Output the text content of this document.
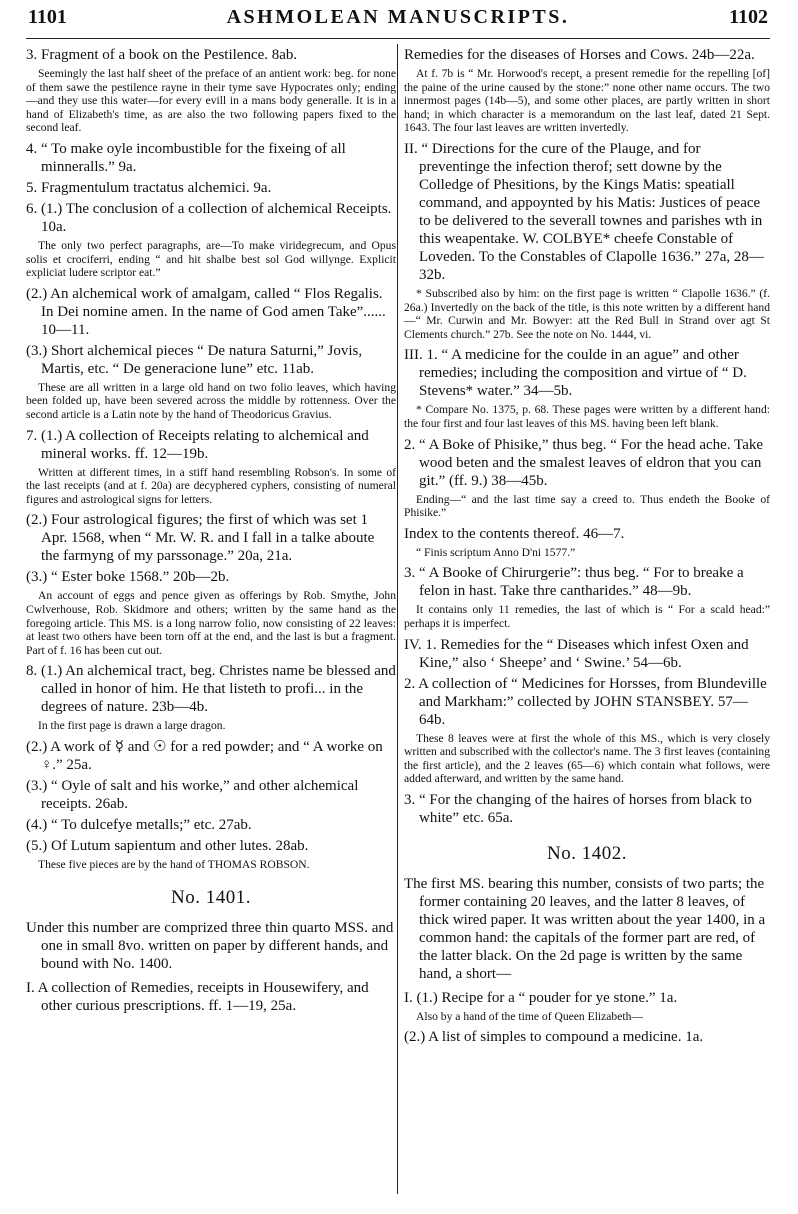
1101	ASHMOLEAN MANUSCRIPTS.	1102

3. Fragment of a book on the Pestilence. 8ab.

Seemingly the last half sheet of the preface of an antient work: beg. for none of them sawe the pestilence rayne in their tyme save Hypocrates only; ending—and they use this water—for every evill in a mans body generalle. It is in a hand of Elizabeth's time, as are also the two following papers fixed to the second leaf.

4. “ To make oyle incombustible for the fixeing of all minneralls.” 9a.

5. Fragmentulum tractatus alchemici. 9a.

6. (1.) The conclusion of a collection of alchemical Receipts. 10a.

The only two perfect paragraphs, are—To make viridegrecum, and Opus solis et crociferri, ending “ and hit shalbe best sol God willynge. Explicit expliciat ludere scriptor eat.”

(2.) An alchemical work of amalgam, called “ Flos Regalis. In Dei nomine amen. In the name of God amen Take”...... 10—11.

(3.) Short alchemical pieces “ De natura Saturni,” Jovis, Martis, etc. “ De generacione lune” etc. 11ab.

These are all written in a large old hand on two folio leaves, which having been folded up, have been severed across the middle by rottenness. Over the second article is a Latin note by the hand of Theodoricus Gravius.

7. (1.) A collection of Receipts relating to alchemical and mineral works. ff. 12—19b.

Written at different times, in a stiff hand resembling Robson's. In some of the last receipts (and at f. 20a) are decyphered cyphers, consisting of numeral figures and astrological signs for letters.

(2.) Four astrological figures; the first of which was set 1 Apr. 1568, when “ Mr. W. R. and I fall in a talke aboute the farmyng of my parssonage.” 20a, 21a.

(3.) “ Ester boke 1568.” 20b—2b.

An account of eggs and pence given as offerings by Rob. Smythe, John Cwlverhouse, Rob. Skidmore and others; written by the same hand as the foregoing article. This MS. is a long narrow folio, now consisting of 22 leaves: at least two others have been torn off at the end, and the last is but a fragment. Part of f. 16 has been cut out.

8. (1.) An alchemical tract, beg. Christes name be blessed and called in honor of him. He that listeth to profi... in the degrees of nature. 23b—4b.

In the first page is drawn a large dragon.

(2.) A work of ☿ and ☉ for a red powder; and “ A worke on ♀.” 25a.

(3.) “ Oyle of salt and his worke,” and other alchemical receipts. 26ab.

(4.) “ To dulcefye metalls;” etc. 27ab.

(5.) Of Lutum sapientum and other lutes. 28ab.

These five pieces are by the hand of THOMAS ROBSON.

No. 1401.

Under this number are comprized three thin quarto MSS. and one in small 8vo. written on paper by different hands, and bound with No. 1400.

I. A collection of Remedies, receipts in Housewifery, and other curious prescriptions. ff. 1—19, 25a.

Remedies for the diseases of Horses and Cows. 24b—22a.

At f. 7b is “ Mr. Horwood's recept, a present remedie for the repelling [of] the paine of the urine caused by the stone:” none other name occurs. The two innermost pages (14b—5), and some other places, are partly written in short hand; in which character is a memorandum on the last leaf, dated 21 Sept. 1643. The four last leaves are written invertedly.

II. “ Directions for the cure of the Plauge, and for preventinge the infection therof; sett downe by the Colledge of Phesitions, by the Kings Matis: speatiall command, and appoynted by his Matis: Justices of peace to be delivered to the severall townes and parishes wth in this weapentake. W. COLBYE* cheefe Constable of Loveden. To the Constables of Clapolle 1636.” 27a, 28—32b.

* Subscribed also by him: on the first page is written “ Clapolle 1636.” (f. 26a.) Invertedly on the back of the title, is this note written by a different hand—“ Mr. Curwin and Mr. Bowyer: att the Red Bull in Strand over agt St Clements church.” 27b. See the note on No. 1444, vi.

III. 1. “ A medicine for the coulde in an ague” and other remedies; including the composition and virtue of “ D. Stevens* water.” 34—5b.

* Compare No. 1375, p. 68. These pages were written by a different hand: the four first and four last leaves of this MS. having been left blank.

2. “ A Boke of Phisike,” thus beg. “ For the head ache. Take wood beten and the smalest leaves of eldron that you can git.” (ff. 9.) 38—45b.

Ending—“ and the last time say a creed to. Thus endeth the Booke of Phisike.”

Index to the contents thereof. 46—7.

“ Finis scriptum Anno D'ni 1577.”

3. “ A Booke of Chirurgerie”: thus beg. “ For to breake a felon in hast. Take thre cantharides.” 48—9b.

It contains only 11 remedies, the last of which is “ For a scald head:” perhaps it is imperfect.

IV. 1. Remedies for the “ Diseases which infest Oxen and Kine,” also ‘ Sheepe’ and ‘ Swine.’ 54—6b.

2. A collection of “ Medicines for Horsses, from Blundeville and Markham:” collected by JOHN STANSBEY. 57—64b.

These 8 leaves were at first the whole of this MS., which is very closely written and subscribed with the collector's name. The 3 first leaves (containing the first article), and the 2 leaves (65—6) which contain what follows, were added afterward, and written by the same hand.

3. “ For the changing of the haires of horses from black to white” etc. 65a.

No. 1402.

The first MS. bearing this number, consists of two parts; the former containing 20 leaves, and the latter 8 leaves, of thick wired paper. It was written about the year 1400, in a common hand: the capitals of the former part are red, of the latter black. On the 2d page is written by the same hand, a short—

I. (1.) Recipe for a “ pouder for ye stone.” 1a.

Also by a hand of the time of Queen Elizabeth—

(2.) A list of simples to compound a medicine. 1a.
